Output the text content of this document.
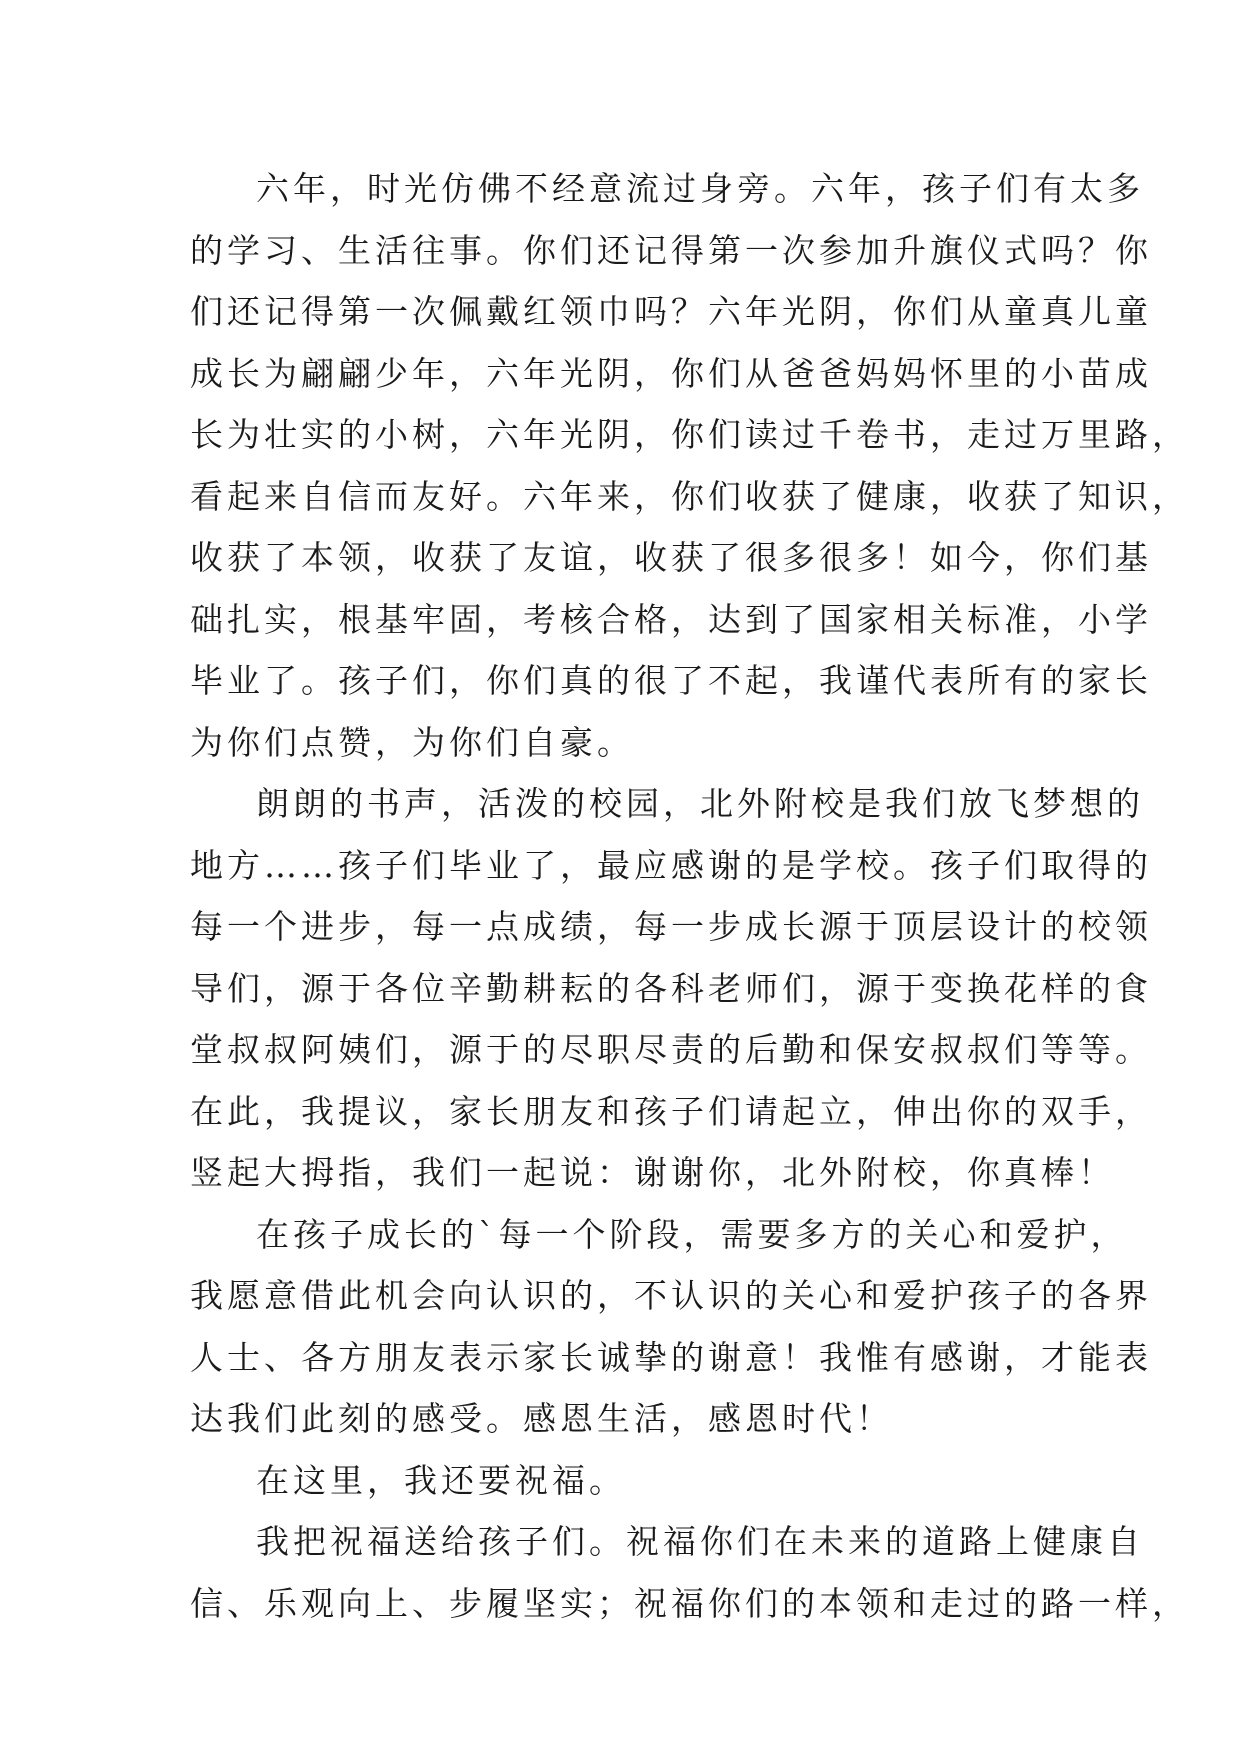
六年，时光仿佛不经意流过身旁。六年，孩子们有太多
的学习、生活往事。你们还记得第一次参加升旗仪式吗？你
们还记得第一次佩戴红领巾吗？六年光阴，你们从童真儿童
成长为翩翩少年，六年光阴，你们从爸爸妈妈怀里的小苗成
长为壮实的小树，六年光阴，你们读过千卷书，走过万里路，
看起来自信而友好。六年来，你们收获了健康，收获了知识，
收获了本领，收获了友谊，收获了很多很多！如今，你们基
础扎实，根基牢固，考核合格，达到了国家相关标准，小学
毕业了。孩子们，你们真的很了不起，我谨代表所有的家长
为你们点赞，为你们自豪。
朗朗的书声，活泼的校园，北外附校是我们放飞梦想的
地方……孩子们毕业了，最应感谢的是学校。孩子们取得的
每一个进步，每一点成绩，每一步成长源于顶层设计的校领
导们，源于各位辛勤耕耘的各科老师们，源于变换花样的食
堂叔叔阿姨们，源于的尽职尽责的后勤和保安叔叔们等等。
在此，我提议，家长朋友和孩子们请起立，伸出你的双手，
竖起大拇指，我们一起说：谢谢你，北外附校，你真棒！
在孩子成长的`每一个阶段，需要多方的关心和爱护，
我愿意借此机会向认识的，不认识的关心和爱护孩子的各界
人士、各方朋友表示家长诚挚的谢意！我惟有感谢，才能表
达我们此刻的感受。感恩生活，感恩时代！
在这里，我还要祝福。
我把祝福送给孩子们。祝福你们在未来的道路上健康自
信、乐观向上、步履坚实；祝福你们的本领和走过的路一样，
